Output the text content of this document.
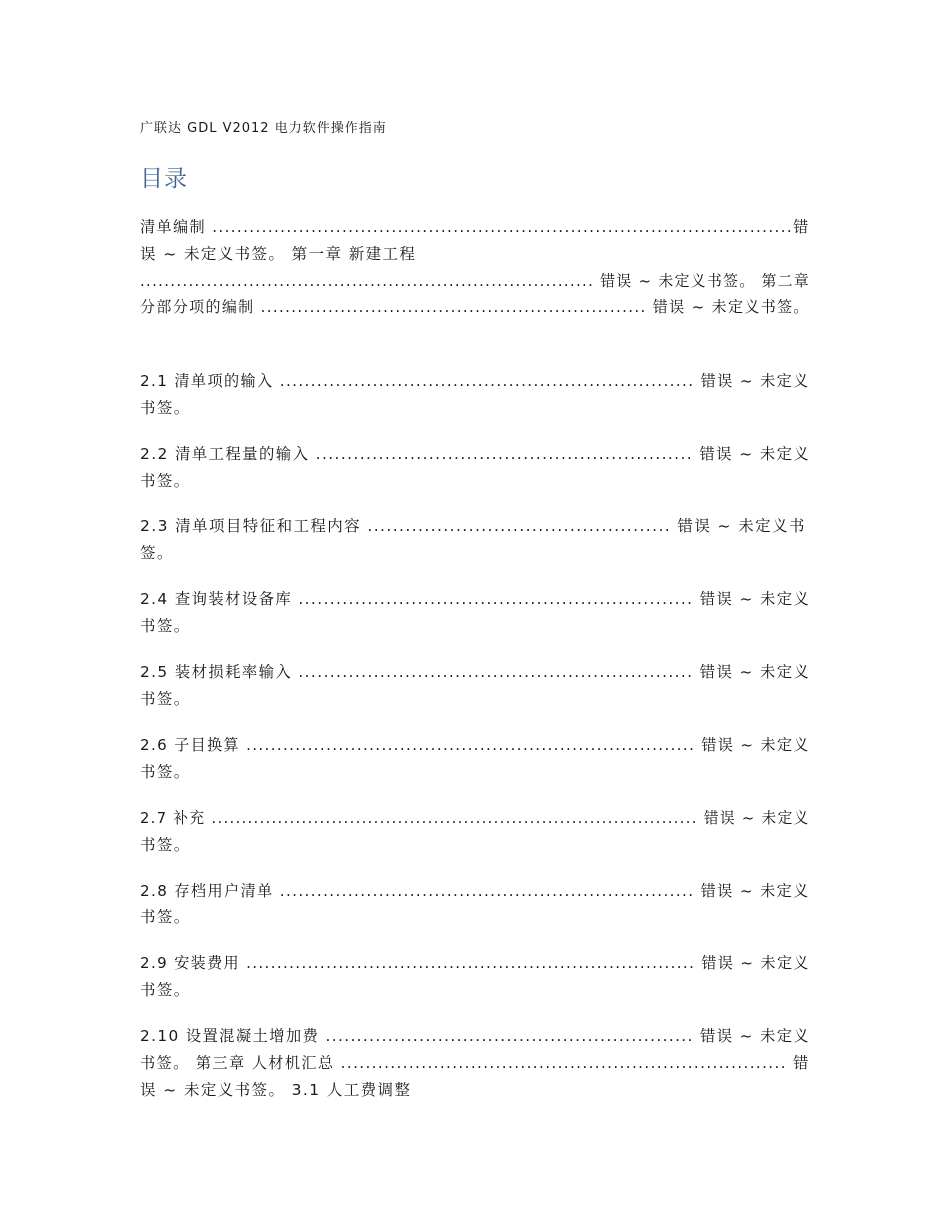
广联达 GDL V2012 电力软件操作指南
目录
清单编制 ..............................................................................................错
误 ~ 未定义书签。 第一章 新建工程
........................................................................... 错误 ~ 未定义书签。 第二章
分部分项的编制 ............................................................... 错误 ~ 未定义书签。
2.1 清单项的输入 ................................................................... 错误 ~ 未定义
书签。
2.2 清单工程量的输入 ............................................................ 错误 ~ 未定义
书签。
2.3 清单项目特征和工程内容 ................................................ 错误 ~ 未定义书
签。
2.4 查询装材设备库 ............................................................... 错误 ~ 未定义
书签。
2.5 装材损耗率输入 ............................................................... 错误 ~ 未定义
书签。
2.6 子目换算 ......................................................................... 错误 ~ 未定义
书签。
2.7 补充 ................................................................................. 错误 ~ 未定义
书签。
2.8 存档用户清单 ................................................................... 错误 ~ 未定义
书签。
2.9 安装费用 ......................................................................... 错误 ~ 未定义
书签。
2.10 设置混凝土增加费 ........................................................... 错误 ~ 未定义
书签。 第三章 人材机汇总 ........................................................................ 错
误 ~ 未定义书签。 3.1 人工费调整
